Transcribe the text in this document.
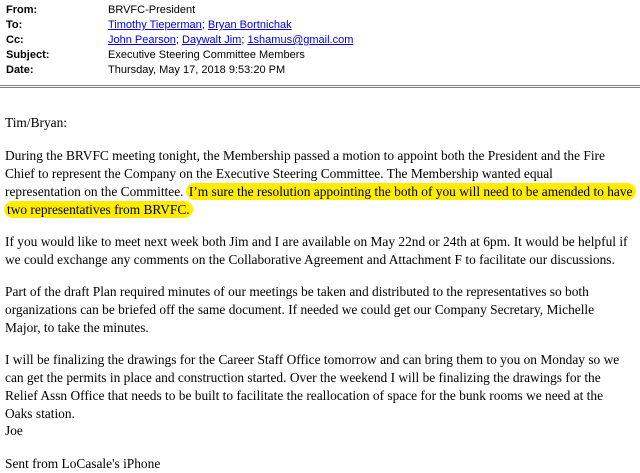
From:	BRVFC-President
To:	Timothy Tieperman; Bryan Bortnichak
Cc:	John Pearson; Daywalt Jim; 1shamus@gmail.com
Subject:	Executive Steering Committee Members
Date:	Thursday, May 17, 2018 9:53:20 PM

Tim/Bryan:

During the BRVFC meeting tonight, the Membership passed a motion to appoint both the President and the Fire

Chief to represent the Company on the Executive Steering Committee. The Membership wanted equal

representation on the Committee. I’m sure the resolution appointing the both of you will need to be amended to have

two representatives from BRVFC.

If you would like to meet next week both Jim and I are available on May 22nd or 24th at 6pm. It would be helpful if

we could exchange any comments on the Collaborative Agreement and Attachment F to facilitate our discussions.

Part of the draft Plan required minutes of our meetings be taken and distributed to the representatives so both

organizations can be briefed off the same document. If needed we could get our Company Secretary, Michelle

Major, to take the minutes.

I will be finalizing the drawings for the Career Staff Office tomorrow and can bring them to you on Monday so we

can get the permits in place and construction started. Over the weekend I will be finalizing the drawings for the

Relief Assn Office that needs to be built to facilitate the reallocation of space for the bunk rooms we need at the

Oaks station.

Joe

Sent from LoCasale's iPhone
